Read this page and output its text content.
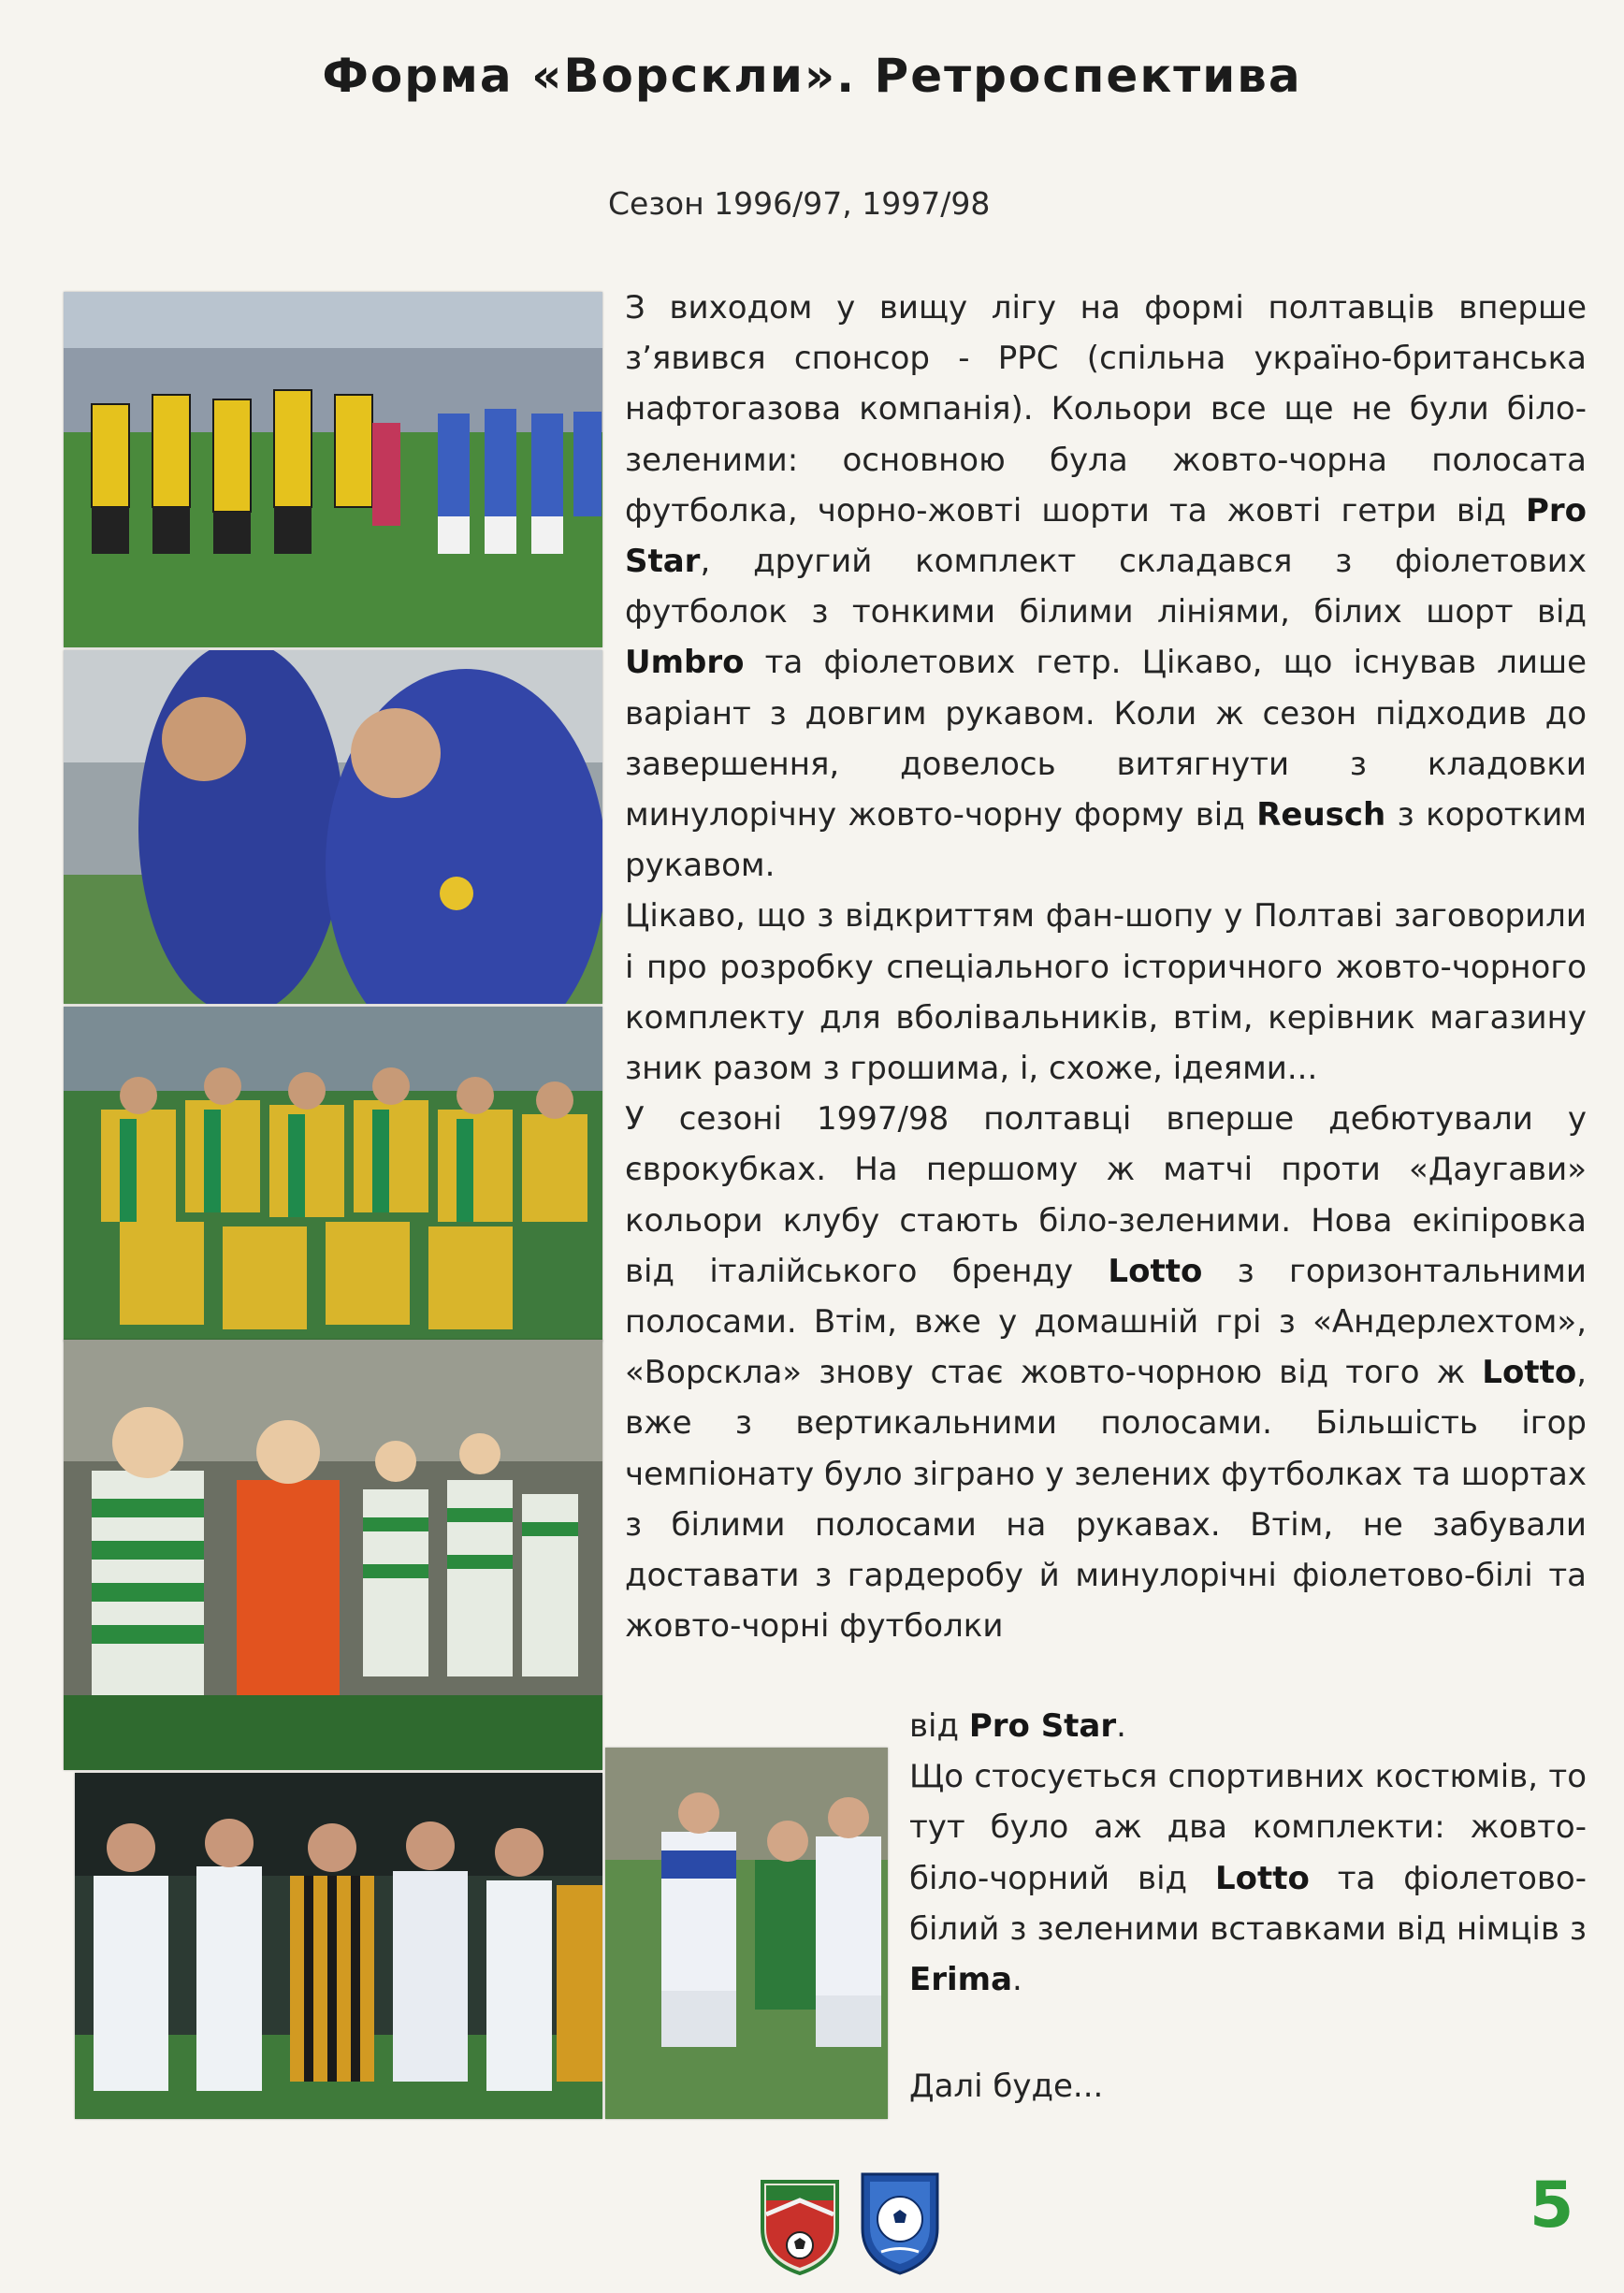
Форма «Ворскли». Ретроспектива
Сезон 1996/97, 1997/98

З виходом у вищу лігу на формі полтавців вперше з’явився спонсор - PPC (спільна україно-британська нафтогазова компанія). Кольори все ще не були біло-зеленими: основною була жовто-чорна полосата футболка, чорно-жовті шорти та жовті гетри від Pro Star, другий комплект складався з фіолетових футболок з тонкими білими лініями, білих шорт від Umbro та фіолетових гетр. Цікаво, що існував лише варіант з довгим рукавом. Коли ж сезон підходив до завершення, довелось витягнути з кладовки минулорічну жовто-чорну форму від Reusch з коротким рукавом.

Цікаво, що з відкриттям фан-шопу у Полтаві заговорили і про розробку спеціального історичного жовто-чорного комплекту для вболівальників, втім, керівник магазину зник разом з грошима, і, схоже, ідеями...

У сезоні 1997/98 полтавці вперше дебютували у єврокубках. На першому ж матчі проти «Даугави» кольори клубу стають біло-зеленими. Нова екіпіровка від італійського бренду Lotto з горизонтальними полосами. Втім, вже у домашній грі з «Андерлехтом», «Ворскла» знову стає жовто-чорною від того ж Lotto, вже з вертикальними полосами. Більшість ігор чемпіонату було зіграно у зелених футболках та шортах з білими полосами на рукавах. Втім, не забували доставати з гардеробу й минулорічні фіолетово-білі та жовто-чорні футболки

від Pro Star.

Що стосується спортивних костюмів, то тут було аж два комплекти: жовто-біло-чорний від Lotto та фіолетово-білий з зеленими вставками від німців з Erima.

Далі буде...
5
